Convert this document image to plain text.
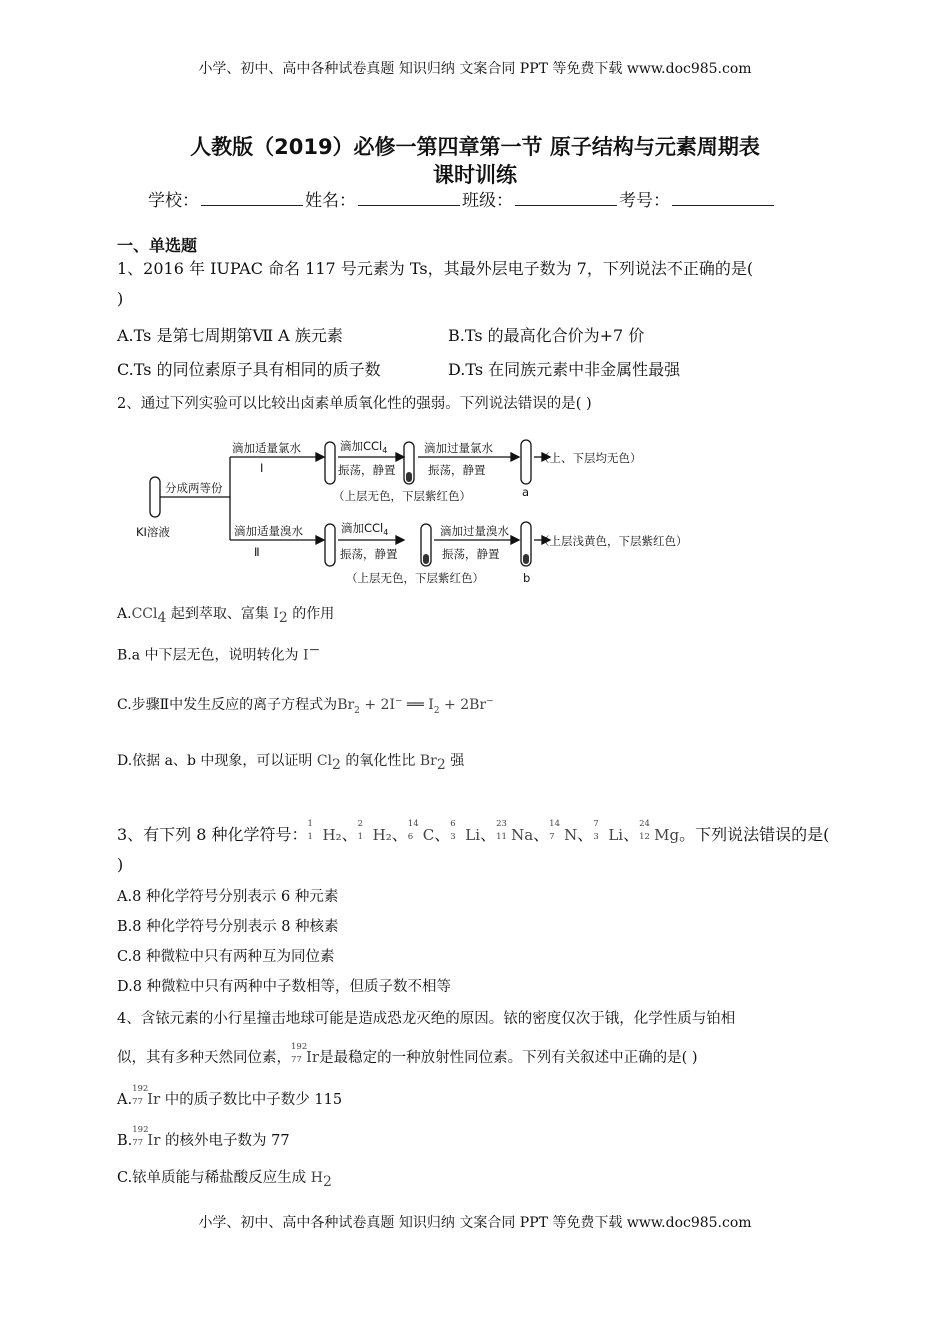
小学、初中、高中各种试卷真题 知识归纳 文案合同 PPT 等免费下载 www.doc985.com
小学、初中、高中各种试卷真题 知识归纳 文案合同 PPT 等免费下载 www.doc985.com
人教版（2019）必修一第四章第一节 原子结构与元素周期表
课时训练
学校：	姓名：	班级：	考号：
一、单选题
1、2016 年 IUPAC 命名 117 号元素为 Ts，其最外层电子数为 7，下列说法不正确的是(
)
A.Ts 是第七周期第Ⅶ A 族元素	B.Ts 的最高化合价为+7 价
C.Ts 的同位素原子具有相同的质子数	D.Ts 在同族元素中非金属性最强
2、通过下列实验可以比较出卤素单质氧化性的强弱。下列说法错误的是( )
KI溶液
分成两等份
滴加适量氯水
Ⅰ
滴加CCl$_4$
振荡，静置
（上层无色，下层紫红色）
滴加过量氯水
振荡，静置
a
（上、下层均无色）
滴加适量溴水
Ⅱ
滴加CCl$_4$
振荡，静置
（上层无色，下层紫红色）
滴加过量溴水
振荡，静置
b
（上层浅黄色，下层紫红色）
A.CCl$_4$ 起到萃取、富集 $I_2$ 的作用
B.a 中下层无色，说明转化为 I−
C.步骤Ⅱ中发生反应的离子方程式为$Br_2 + 2I^-$ ══ $I_2 + 2Br^-$
D.依据 a、b 中现象，可以证明 $Cl_2$ 的氧化性比 $Br_2$ 强
3、有下列 8 种化学符号：
1
1 H₂、
2
1 H₂、
14
6 C、
6
3 Li、
23
11 Na、
14
7 N、
7
3 Li、
24
12 Mg。下列说法错误的是(
)
A.8 种化学符号分别表示 6 种元素
B.8 种化学符号分别表示 8 种核素
C.8 种微粒中只有两种互为同位素
D.8 种微粒中只有两种中子数相等，但质子数不相等
4、含铱元素的小行星撞击地球可能是造成恐龙灭绝的原因。铱的密度仅次于锇，化学性质与铂相
似，其有多种天然同位素，
192
77 Ir是最稳定的一种放射性同位素。下列有关叙述中正确的是( )
A.
192
77 Ir 中的质子数比中子数少 115
B.
192
77 Ir 的核外电子数为 77
C.铱单质能与稀盐酸反应生成 $H_2$
